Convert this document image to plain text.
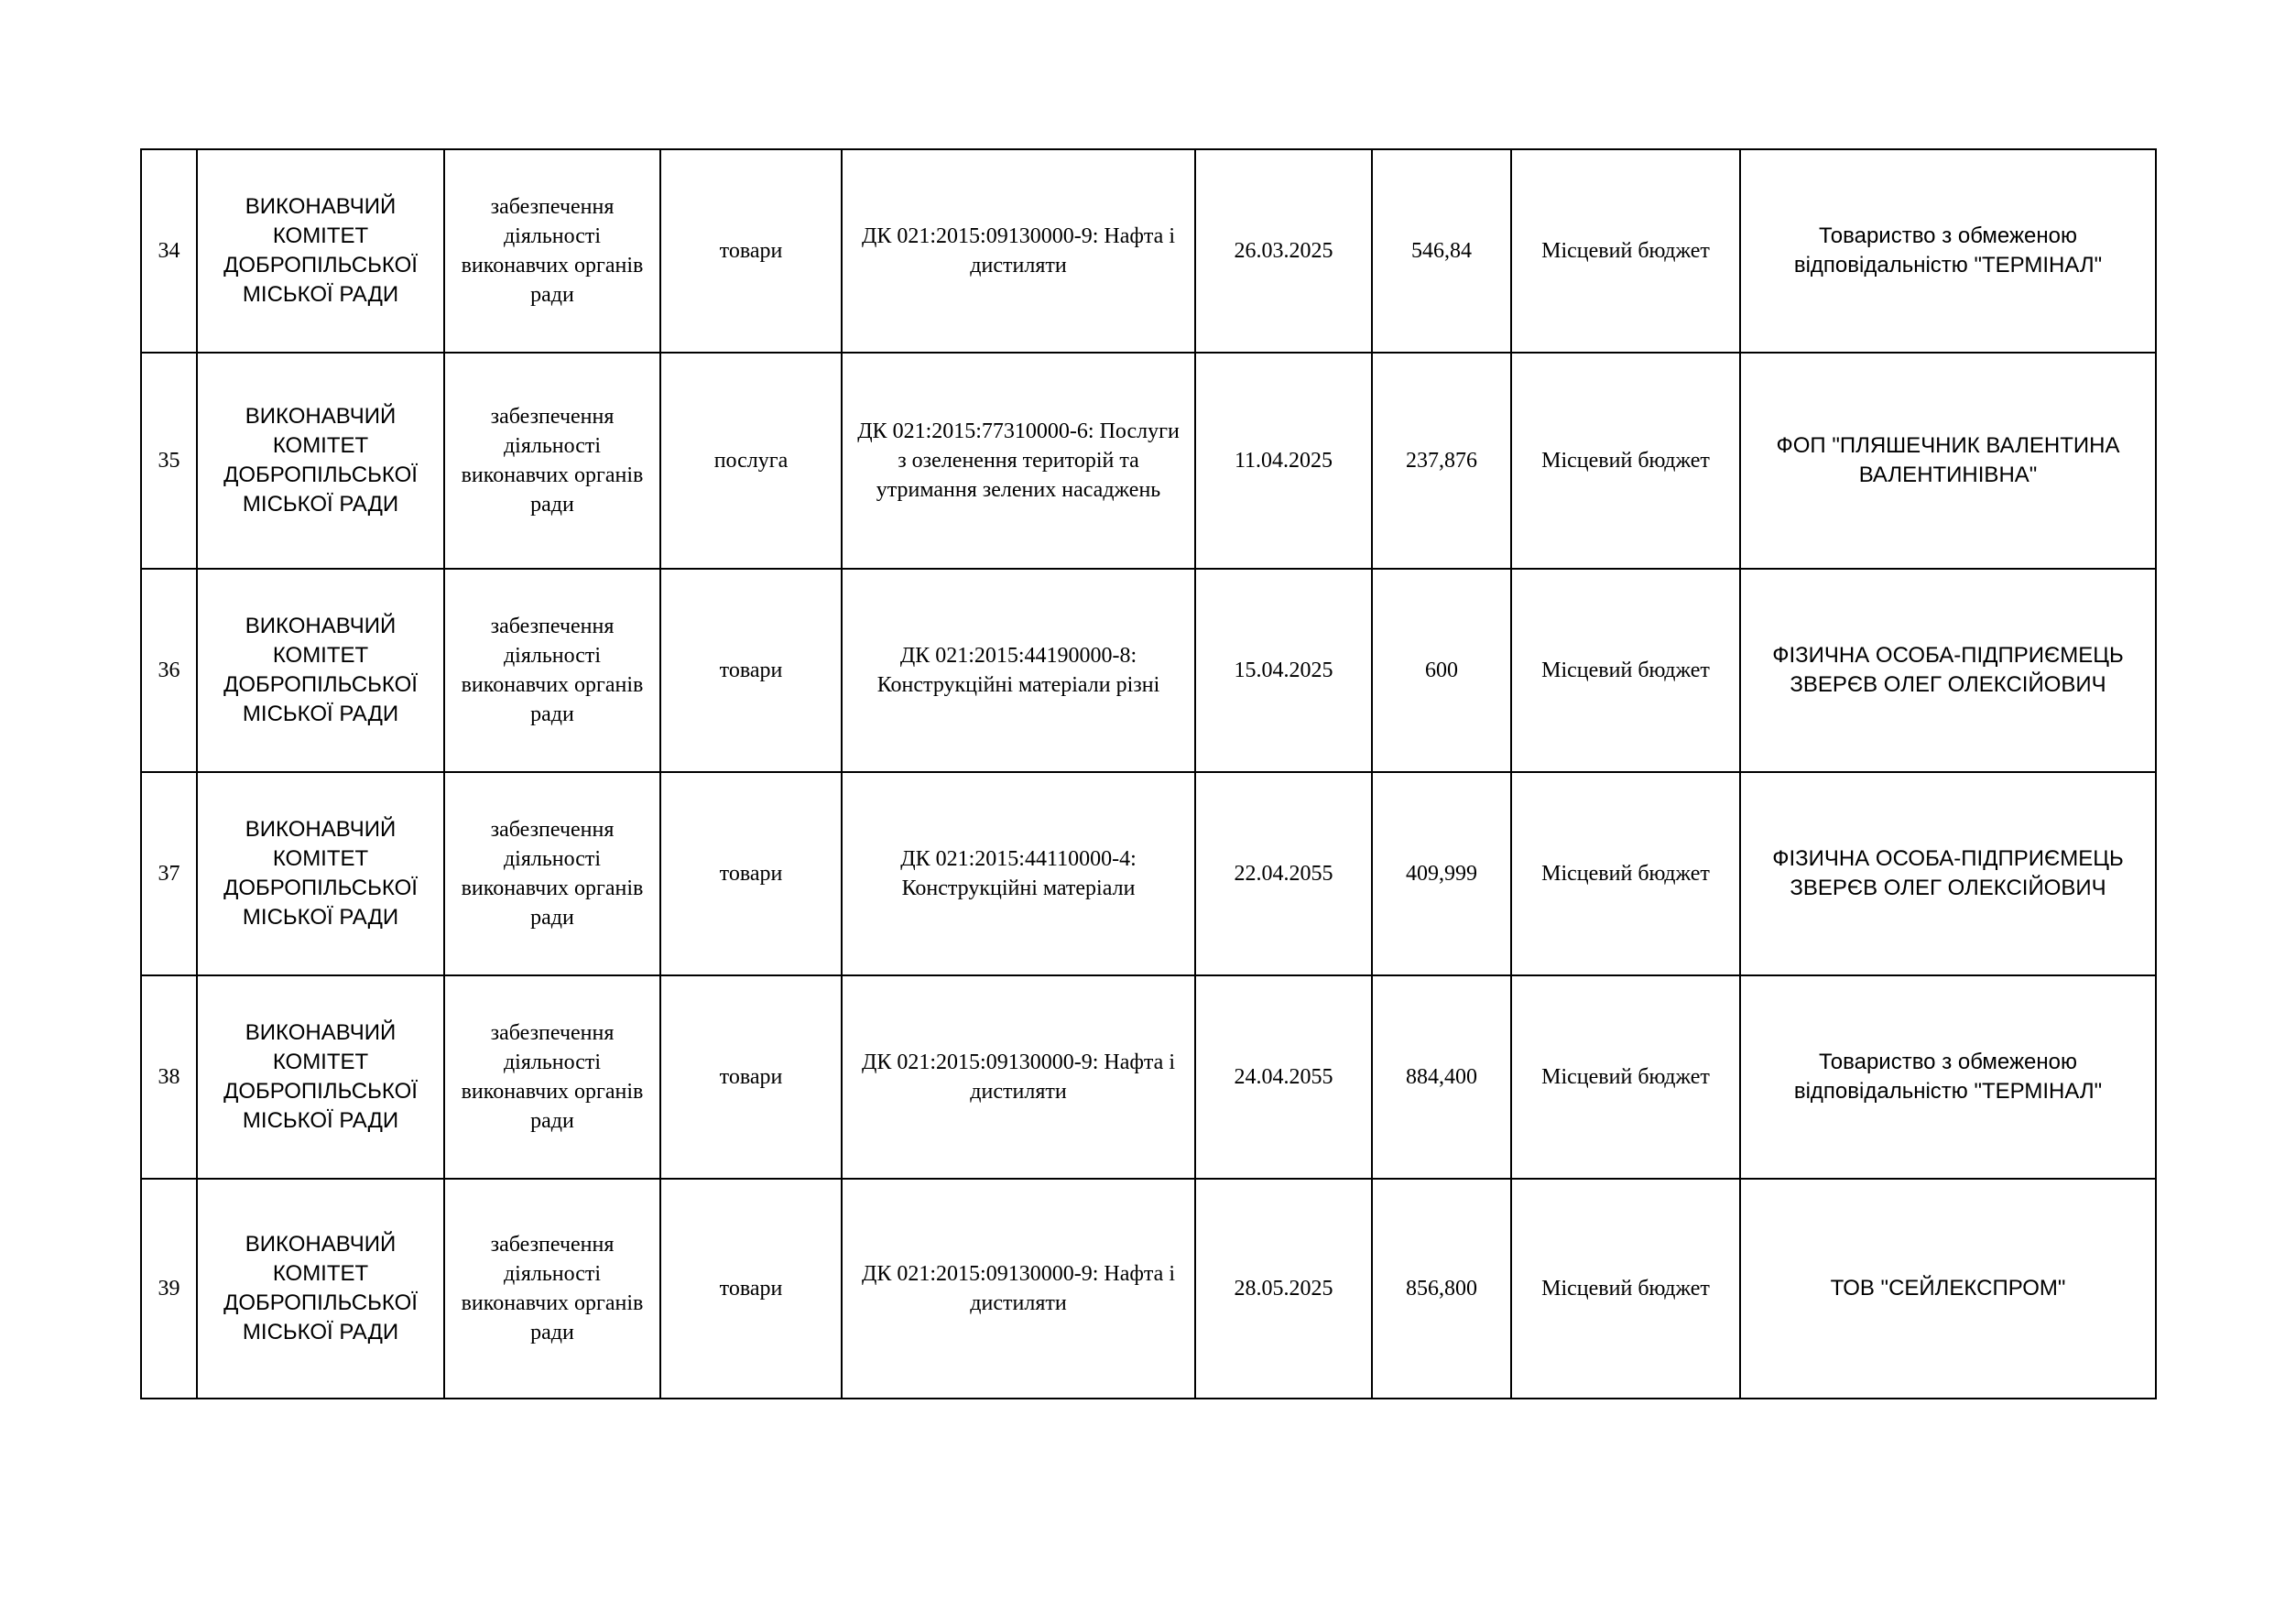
34	ВИКОНАВЧИЙ КОМІТЕТ ДОБРОПІЛЬСЬКОЇ МІСЬКОЇ РАДИ	забезпечення діяльності виконавчих органів ради	товари	ДК 021:2015:09130000-9: Нафта і дистиляти	26.03.2025	546,84	Місцевий бюджет	Товариство з обмеженою відповідальністю "ТЕРМІНАЛ"
35	ВИКОНАВЧИЙ КОМІТЕТ ДОБРОПІЛЬСЬКОЇ МІСЬКОЇ РАДИ	забезпечення діяльності виконавчих органів ради	послуга	ДК 021:2015:77310000-6: Послуги з озеленення територій та утримання зелених насаджень	11.04.2025	237,876	Місцевий бюджет	ФОП "ПЛЯШЕЧНИК ВАЛЕНТИНА ВАЛЕНТИНІВНА"
36	ВИКОНАВЧИЙ КОМІТЕТ ДОБРОПІЛЬСЬКОЇ МІСЬКОЇ РАДИ	забезпечення діяльності виконавчих органів ради	товари	ДК 021:2015:44190000-8: Конструкційні матеріали різні	15.04.2025	600	Місцевий бюджет	ФІЗИЧНА ОСОБА-ПІДПРИЄМЕЦЬ ЗВЕРЄВ ОЛЕГ ОЛЕКСІЙОВИЧ
37	ВИКОНАВЧИЙ КОМІТЕТ ДОБРОПІЛЬСЬКОЇ МІСЬКОЇ РАДИ	забезпечення діяльності виконавчих органів ради	товари	ДК 021:2015:44110000-4: Конструкційні матеріали	22.04.2055	409,999	Місцевий бюджет	ФІЗИЧНА ОСОБА-ПІДПРИЄМЕЦЬ ЗВЕРЄВ ОЛЕГ ОЛЕКСІЙОВИЧ
38	ВИКОНАВЧИЙ КОМІТЕТ ДОБРОПІЛЬСЬКОЇ МІСЬКОЇ РАДИ	забезпечення діяльності виконавчих органів ради	товари	ДК 021:2015:09130000-9: Нафта і дистиляти	24.04.2055	884,400	Місцевий бюджет	Товариство з обмеженою відповідальністю "ТЕРМІНАЛ"
39	ВИКОНАВЧИЙ КОМІТЕТ ДОБРОПІЛЬСЬКОЇ МІСЬКОЇ РАДИ	забезпечення діяльності виконавчих органів ради	товари	ДК 021:2015:09130000-9: Нафта і дистиляти	28.05.2025	856,800	Місцевий бюджет	ТОВ "СЕЙЛЕКСПРОМ"
